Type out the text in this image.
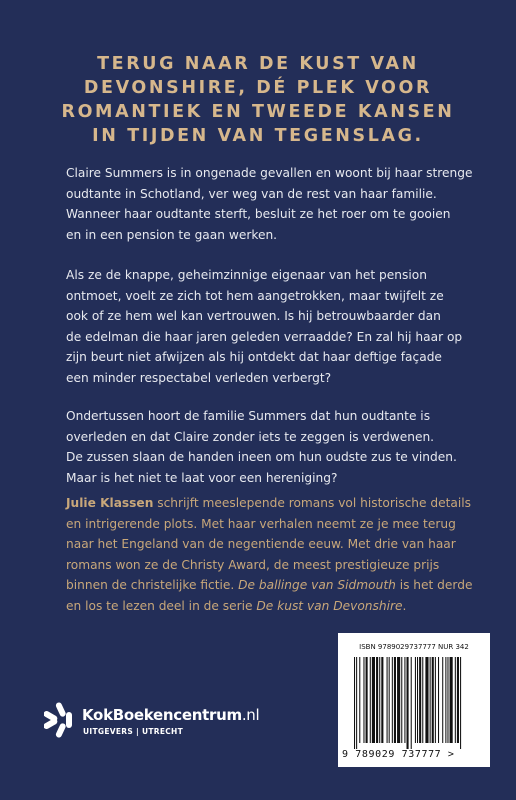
TERUG NAAR DE KUST VAN
DEVONSHIRE, DÉ PLEK VOOR
ROMANTIEK EN TWEEDE KANSEN
IN TIJDEN VAN TEGENSLAG.

Claire Summers is in ongenade gevallen en woont bij haar strenge
oudtante in Schotland, ver weg van de rest van haar familie.
Wanneer haar oudtante sterft, besluit ze het roer om te gooien
en in een pension te gaan werken.

Als ze de knappe, geheimzinnige eigenaar van het pension
ontmoet, voelt ze zich tot hem aangetrokken, maar twijfelt ze
ook of ze hem wel kan vertrouwen. Is hij betrouwbaarder dan
de edelman die haar jaren geleden verraadde? En zal hij haar op
zijn beurt niet afwijzen als hij ontdekt dat haar deftige façade
een minder respectabel verleden verbergt?

Ondertussen hoort de familie Summers dat hun oudtante is
overleden en dat Claire zonder iets te zeggen is verdwenen.
De zussen slaan de handen ineen om hun oudste zus te vinden.
Maar is het niet te laat voor een hereniging?

Julie Klassen schrijft meeslepende romans vol historische details
en intrigerende plots. Met haar verhalen neemt ze je mee terug
naar het Engeland van de negentiende eeuw. Met drie van haar
romans won ze de Christy Award, de meest prestigieuze prijs
binnen de christelijke fictie. De ballinge van Sidmouth is het derde
en los te lezen deel in de serie De kust van Devonshire.

ISBN 9789029737777 NUR 342
9 789029 737777 >
KokBoekencentrum.nl
UITGEVERS | UTRECHT
